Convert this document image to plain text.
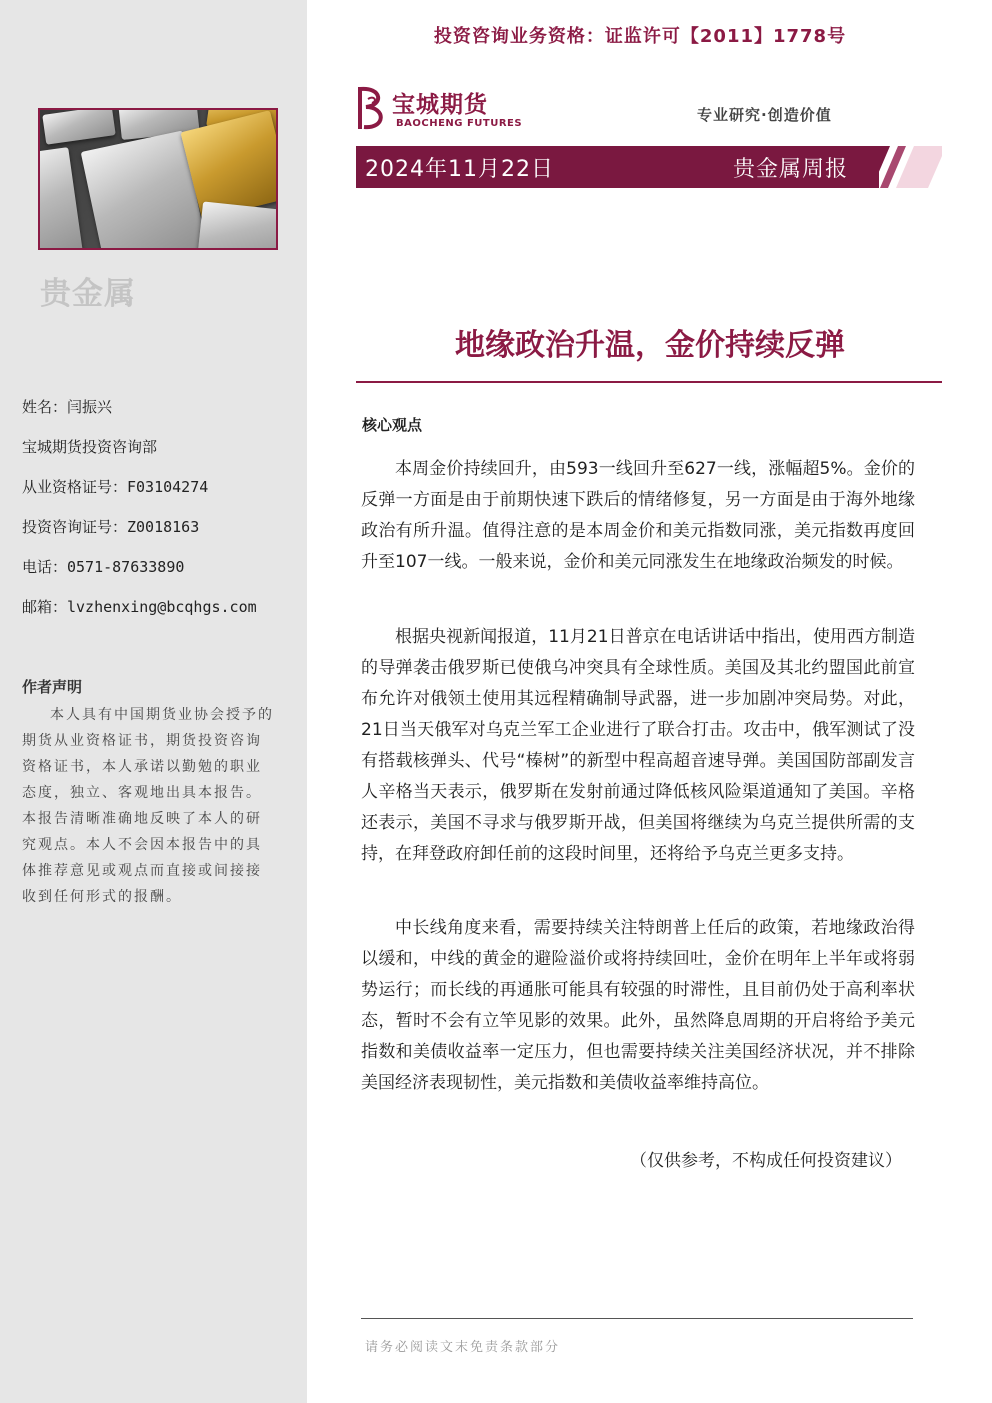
贵金属
姓名：闫振兴
宝城期货投资咨询部
从业资格证号：F03104274
投资咨询证号：Z0018163
电话：0571-87633890
邮箱：lvzhenxing@bcqhgs.com
作者声明
本人具有中国期货业协会授予的期货从业资格证书，期货投资咨询资格证书，本人承诺以勤勉的职业态度，独立、客观地出具本报告。本报告清晰准确地反映了本人的研究观点。本人不会因本报告中的具体推荐意见或观点而直接或间接接收到任何形式的报酬。
投资咨询业务资格：证监许可【2011】1778号
宝城期货
BAOCHENG FUTURES	专业研究·创造价值
2024年11月22日	贵金属周报
地缘政治升温，金价持续反弹
核心观点
本周金价持续回升，由593一线回升至627一线，涨幅超5%。金价的反弹一方面是由于前期快速下跌后的情绪修复，另一方面是由于海外地缘政治有所升温。值得注意的是本周金价和美元指数同涨，美元指数再度回升至107一线。一般来说，金价和美元同涨发生在地缘政治频发的时候。
根据央视新闻报道，11月21日普京在电话讲话中指出，使用西方制造的导弹袭击俄罗斯已使俄乌冲突具有全球性质。美国及其北约盟国此前宣布允许对俄领土使用其远程精确制导武器，进一步加剧冲突局势。对此，21日当天俄军对乌克兰军工企业进行了联合打击。攻击中，俄军测试了没有搭载核弹头、代号“榛树”的新型中程高超音速导弹。美国国防部副发言人辛格当天表示，俄罗斯在发射前通过降低核风险渠道通知了美国。辛格还表示，美国不寻求与俄罗斯开战，但美国将继续为乌克兰提供所需的支持，在拜登政府卸任前的这段时间里，还将给予乌克兰更多支持。
中长线角度来看，需要持续关注特朗普上任后的政策，若地缘政治得以缓和，中线的黄金的避险溢价或将持续回吐，金价在明年上半年或将弱势运行；而长线的再通胀可能具有较强的时滞性，且目前仍处于高利率状态，暂时不会有立竿见影的效果。此外，虽然降息周期的开启将给予美元指数和美债收益率一定压力，但也需要持续关注美国经济状况，并不排除美国经济表现韧性，美元指数和美债收益率维持高位。
（仅供参考，不构成任何投资建议）
请务必阅读文末免责条款部分
